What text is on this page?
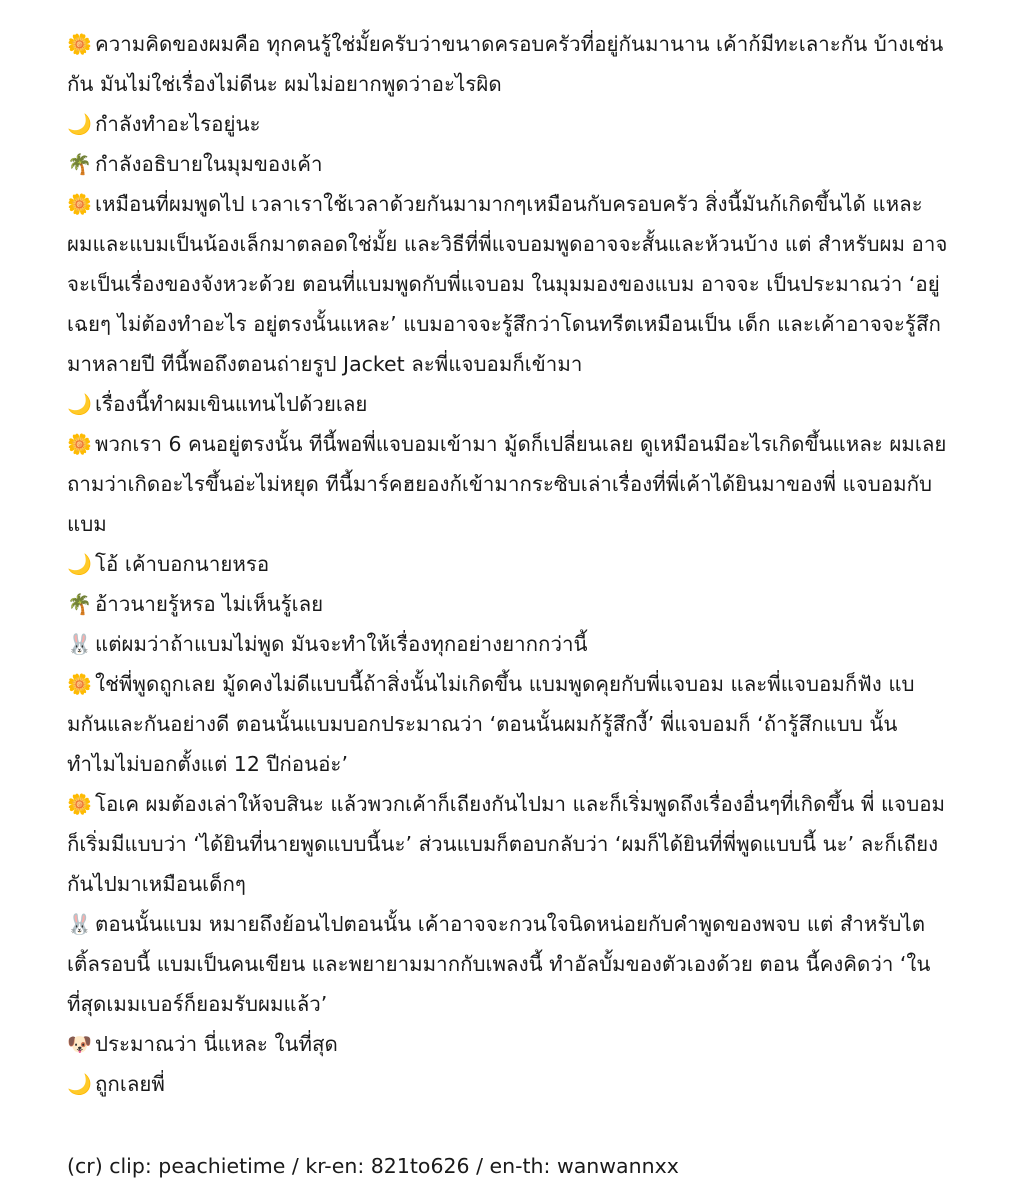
🌼 ความคิดของผมคือ ทุกคนรู้ใช่มั้ยครับว่าขนาดครอบครัวที่อยู่กันมานาน เค้าก้มีทะเลาะกัน บ้างเช่นกัน มันไม่ใช่เรื่องไม่ดีนะ ผมไม่อยากพูดว่าอะไรผิด
🌙 กำลังทำอะไรอยู่นะ
🌴 กำลังอธิบายในมุมของเค้า
🌼 เหมือนที่ผมพูดไป เวลาเราใช้เวลาด้วยกันมามากๆเหมือนกับครอบครัว สิ่งนี้มันก้เกิดขึ้นได้ แหละ ผมและแบมเป็นน้องเล็กมาตลอดใช่มั้ย และวิธีที่พี่แจบอมพูดอาจจะสั้นและห้วนบ้าง แต่ สำหรับผม อาจจะเป็นเรื่องของจังหวะด้วย ตอนที่แบมพูดกับพี่แจบอม ในมุมมองของแบม อาจจะ เป็นประมาณว่า ‘อยู่เฉยๆ ไม่ต้องทำอะไร อยู่ตรงนั้นแหละ’ แบมอาจจะรู้สึกว่าโดนทรีตเหมือนเป็น เด็ก และเค้าอาจจะรู้สึกมาหลายปี ทีนี้พอถึงตอนถ่ายรูป Jacket ละพี่แจบอมก็เข้ามา
🌙 เรื่องนี้ทำผมเขินแทนไปด้วยเลย
🌼 พวกเรา 6 คนอยู่ตรงนั้น ทีนี้พอพี่แจบอมเข้ามา มู้ดก็เปลี่ยนเลย ดูเหมือนมีอะไรเกิดขึ้นแหละ ผมเลยถามว่าเกิดอะไรขึ้นอ่ะไม่หยุด ทีนี้มาร์คฮยองก้เข้ามากระซิบเล่าเรื่องที่พี่เค้าได้ยินมาของพี่ แจบอมกับแบม
🌙 โอ้ เค้าบอกนายหรอ
🌴 อ้าวนายรู้หรอ ไม่เห็นรู้เลย
🐰 แต่ผมว่าถ้าแบมไม่พูด มันจะทำให้เรื่องทุกอย่างยากกว่านี้
🌼 ใช่พี่พูดถูกเลย มู้ดคงไม่ดีแบบนี้ถ้าสิ่งนั้นไม่เกิดขึ้น แบมพูดคุยกับพี่แจบอม และพี่แจบอมก็ฟัง แบมกันและกันอย่างดี ตอนนั้นแบมบอกประมาณว่า ‘ตอนนั้นผมก้รู้สึกงี้’ พี่แจบอมก็ ‘ถ้ารู้สึกแบบ นั้น ทำไมไม่บอกตั้งแต่ 12 ปีก่อนอ่ะ’
🌼 โอเค ผมต้องเล่าให้จบสินะ แล้วพวกเค้าก็เถียงกันไปมา และก็เริ่มพูดถึงเรื่องอื่นๆที่เกิดขึ้น พี่ แจบอมก็เริ่มมีแบบว่า ‘ได้ยินที่นายพูดแบบนี้นะ’ ส่วนแบมก็ตอบกลับว่า ‘ผมก็ได้ยินที่พี่พูดแบบนี้ นะ’ ละก็เถียงกันไปมาเหมือนเด็กๆ
🐰 ตอนนั้นแบม หมายถึงย้อนไปตอนนั้น เค้าอาจจะกวนใจนิดหน่อยกับคำพูดของพจบ แต่ สำหรับไตเติ้ลรอบนี้ แบมเป็นคนเขียน และพยายามมากกับเพลงนี้ ทำอัลบั้มของตัวเองด้วย ตอน นี้คงคิดว่า ‘ในที่สุดเมมเบอร์ก็ยอมรับผมแล้ว’
🐶 ประมาณว่า นี่แหละ ในที่สุด
🌙 ถูกเลยพี่
(cr) clip: peachietime / kr-en: 821to626 / en-th: wanwannxx
